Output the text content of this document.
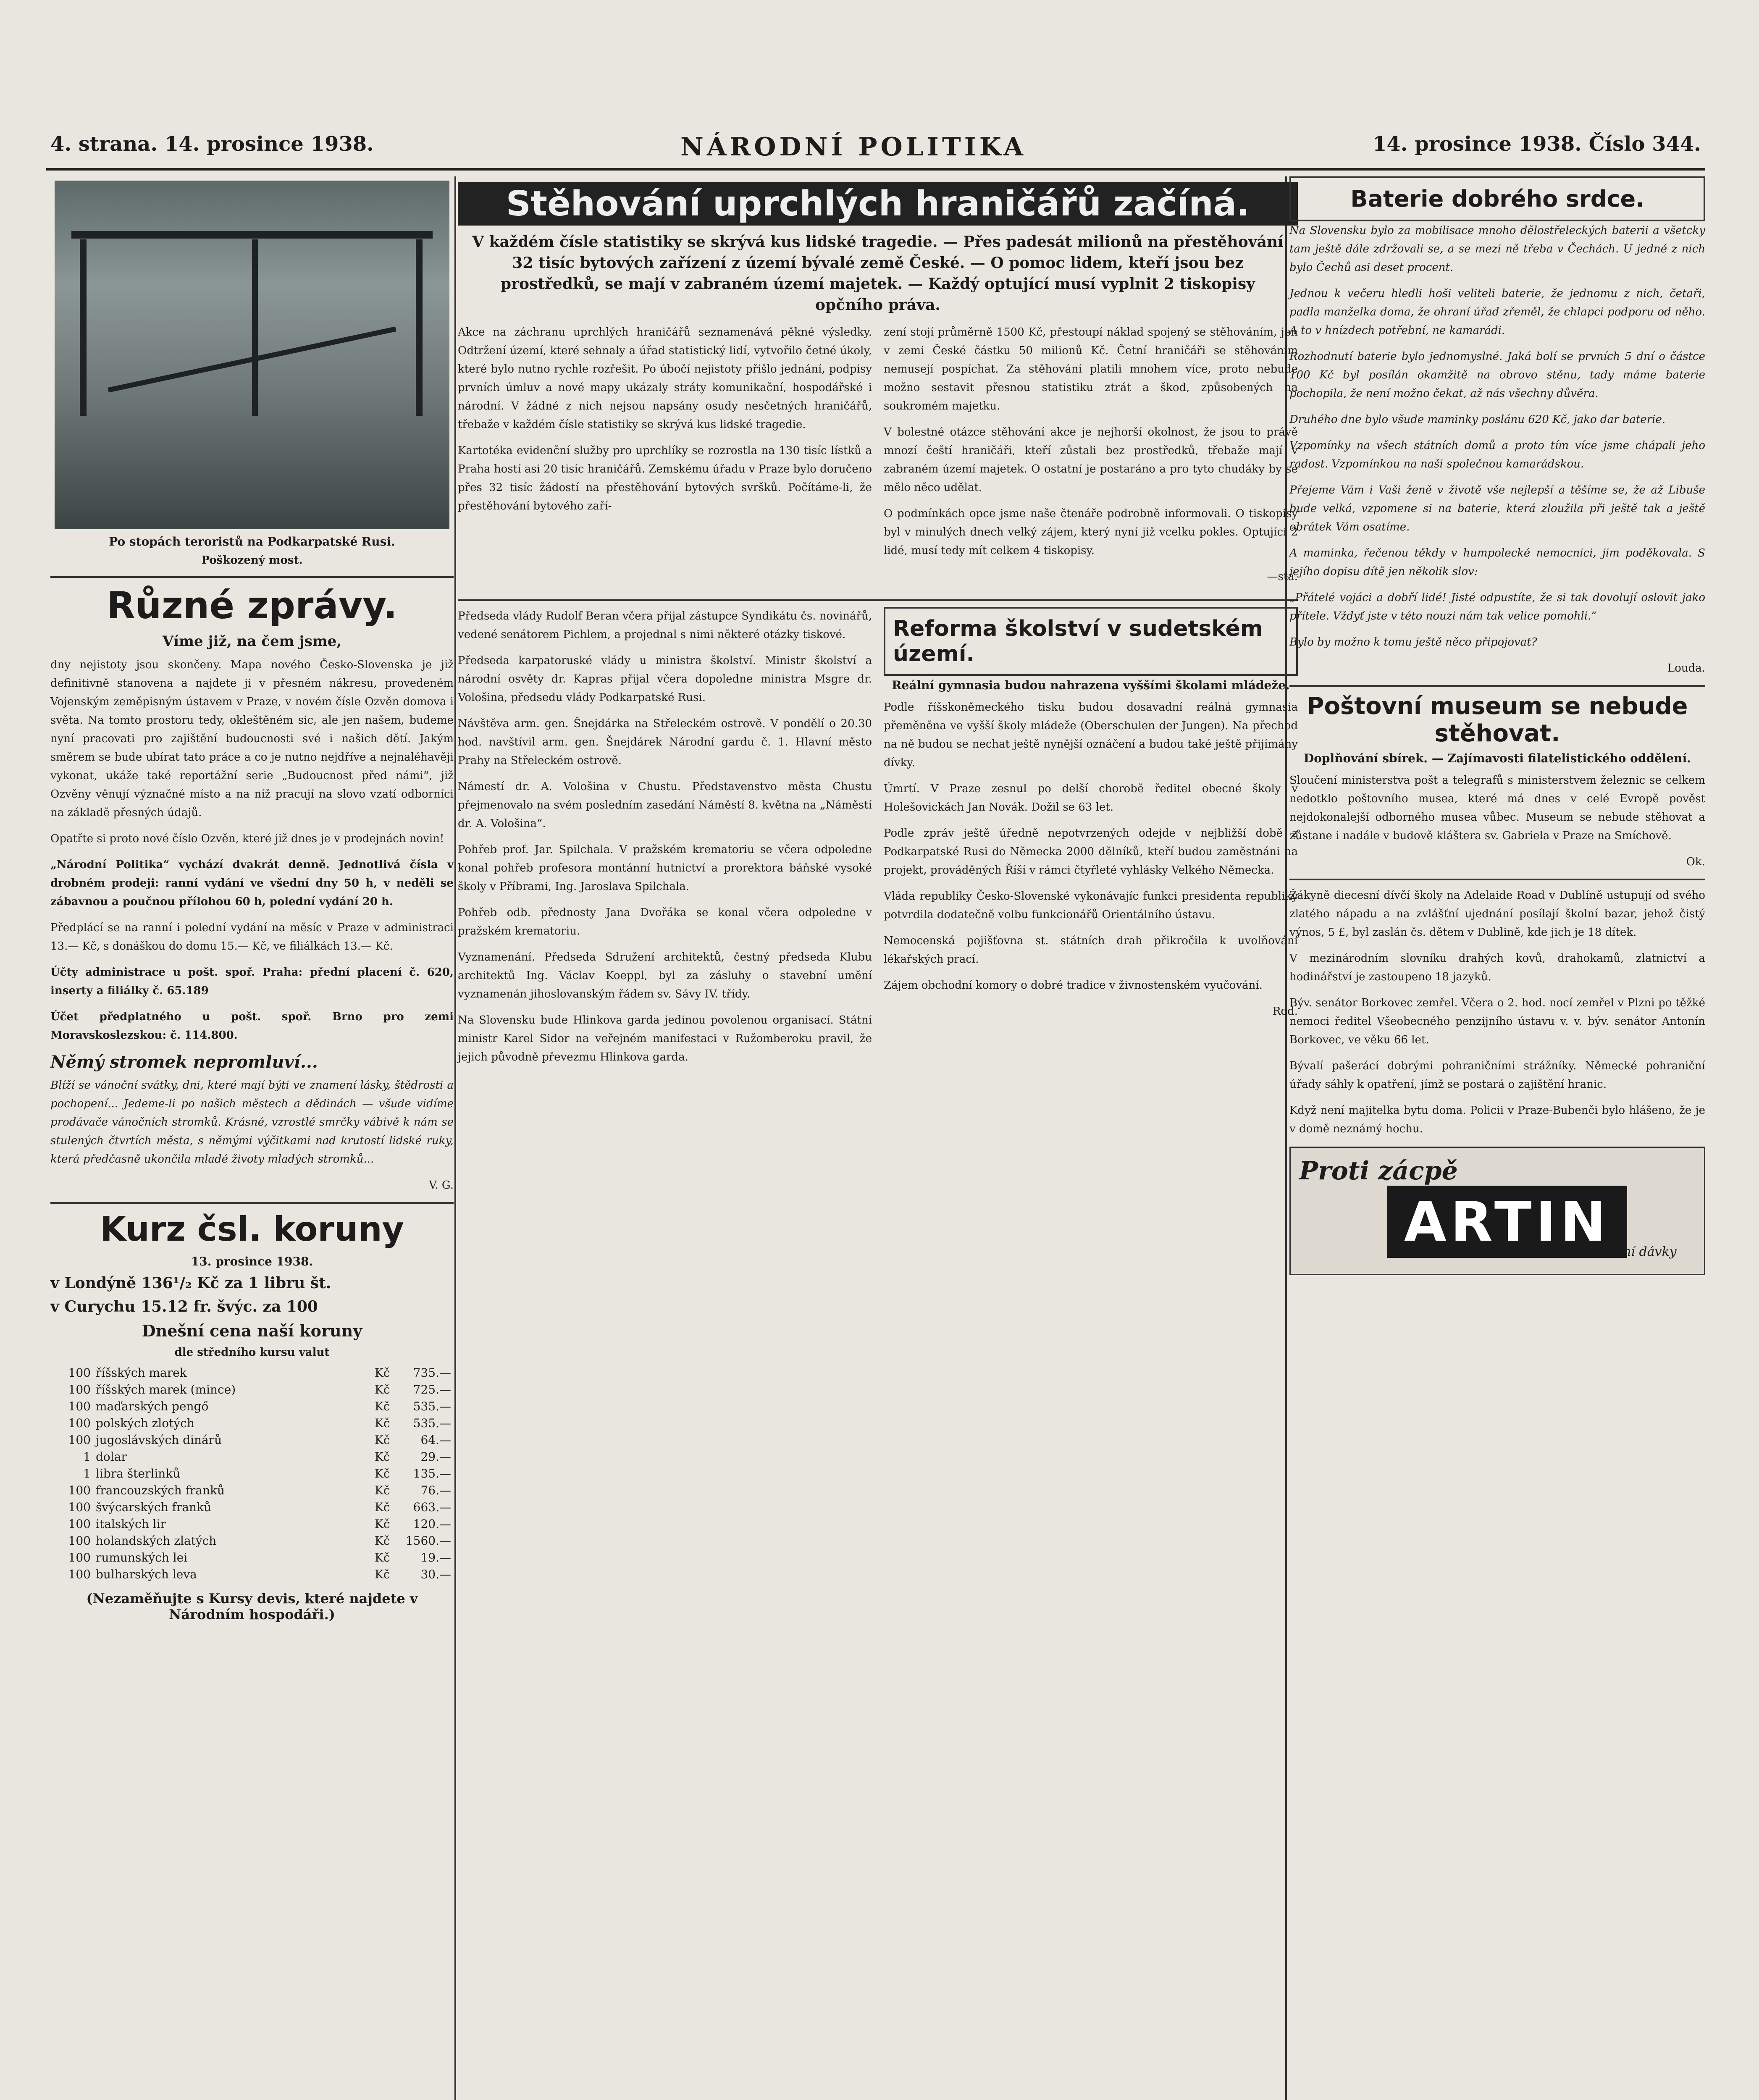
4. strana. 14. prosince 1938.	NÁRODNÍ POLITIKA	14. prosince 1938. Číslo 344.
Po stopách teroristů na Podkarpatské Rusi.
Poškozený most.
Různé zprávy.
Víme již, na čem jsme,

dny nejistoty jsou skončeny. Mapa nového Česko-Slovenska je již definitivně stanovena a najdete ji v přesném nákresu, provedeném Vojenským zeměpisným ústavem v Praze, v novém čísle Ozvěn domova i světa. Na tomto prostoru tedy, okleštěném sic, ale jen našem, budeme nyní pracovati pro zajištění budoucnosti své i našich dětí. Jakým směrem se bude ubírat tato práce a co je nutno nejdříve a nejnaléhavěji vykonat, ukáže také reportážní serie „Budoucnost před námi“, již Ozvěny věnují význačné místo a na níž pracují na slovo vzatí odborníci na základě přesných údajů.

Opatřte si proto nové číslo Ozvěn, které již dnes je v prodejnách novin!

„Národní Politika“ vychází dvakrát denně. Jednotlivá čísla v drobném prodeji: ranní vydání ve všední dny 50 h, v neděli se zábavnou a poučnou přílohou 60 h, polední vydání 20 h.

Předplácí se na ranní i polední vydání na měsíc v Praze v administraci 13.— Kč, s donáškou do domu 15.— Kč, ve filiálkách 13.— Kč.

Účty administrace u pošt. spoř. Praha: přední placení č. 620, inserty a filiálky č. 65.189

Účet předplatného u pošt. spoř. Brno pro zemi Moravskoslezskou: č. 114.800.

Němý stromek nepromluví...

Blíží se vánoční svátky, dni, které mají býti ve znamení lásky, štědrosti a pochopení... Jedeme-li po našich městech a dědinách — všude vidíme prodávače vánočních stromků. Krásné, vzrostlé smrčky vábivě k nám se stulených čtvrtích města, s němými výčitkami nad krutostí lidské ruky, která předčasně ukončila mladé životy mladých stromků...

V. G.

Kurz čsl. koruny
13. prosince 1938.
v Londýně 136¹/₂ Kč za 1 libru št.
v Curychu 15.12 fr. švýc. za 100
Dnešní cena naší koruny
dle středního kursu valut
100	říšských marek	Kč	735.—
100	říšských marek (mince)	Kč	725.—
100	maďarských pengő	Kč	535.—
100	polských zlotých	Kč	535.—
100	jugoslávských dinárů	Kč	64.—
1	dolar	Kč	29.—
1	libra šterlinků	Kč	135.—
100	francouzských franků	Kč	76.—
100	švýcarských franků	Kč	663.—
100	italských lir	Kč	120.—
100	holandských zlatých	Kč	1560.—
100	rumunských lei	Kč	19.—
100	bulharských leva	Kč	30.—
(Nezaměňujte s Kursy devis, které najdete v Národním hospodáři.)
Stěhování uprchlých hraničářů začíná.
V každém čísle statistiky se skrývá kus lidské tragedie. — Přes padesát milionů na přestěhování 32 tisíc bytových zařízení z území bývalé země České. — O pomoc lidem, kteří jsou bez prostředků, se mají v zabraném území majetek. — Každý optující musí vyplnit 2 tiskopisy opčního práva.

Akce na záchranu uprchlých hraničářů seznamenává pěkné výsledky. Odtržení území, které sehnaly a úřad statistický lidí, vytvořilo četné úkoly, které bylo nutno rychle rozřešit. Po úbočí nejistoty přišlo jednání, podpisy prvních úmluv a nové mapy ukázaly stráty komunikační, hospodářské i národní. V žádné z nich nejsou napsány osudy nesčetných hraničářů, třebaže v každém čísle statistiky se skrývá kus lidské tragedie.

Kartotéka evidenční služby pro uprchlíky se rozrostla na 130 tisíc lístků a Praha hostí asi 20 tisíc hraničářů. Zemskému úřadu v Praze bylo doručeno přes 32 tisíc žádostí na přestěhování bytových svršků. Počítáme-li, že přestěhování bytového zaří-

zení stojí průměrně 1500 Kč, přestoupí náklad spojený se stěhováním, jen v zemi České částku 50 milionů Kč. Četní hraničáři se stěhováním nemusejí pospíchat. Za stěhování platili mnohem více, proto nebude možno sestavit přesnou statistiku ztrát a škod, způsobených na soukromém majetku.

V bolestné otázce stěhování akce je nejhorší okolnost, že jsou to právě mnozí čeští hraničáři, kteří zůstali bez prostředků, třebaže mají v zabraném území majetek. O ostatní je postaráno a pro tyto chudáky by se mělo něco udělat.

O podmínkách opce jsme naše čtenáře podrobně informovali. O tiskopisy byl v minulých dnech velký zájem, který nyní již vcelku pokles. Optující 2 lidé, musí tedy mít celkem 4 tiskopisy.

—sta.

Předseda vlády Rudolf Beran včera přijal zástupce Syndikátu čs. novinářů, vedené senátorem Pichlem, a projednal s nimi některé otázky tiskové.

Předseda karpatoruské vlády u ministra školství. Ministr školství a národní osvěty dr. Kapras přijal včera dopoledne ministra Msgre dr. Vološina, předsedu vlády Podkarpatské Rusi.

Návštěva arm. gen. Šnejdárka na Střeleckém ostrově. V pondělí o 20.30 hod. navštívil arm. gen. Šnejdárek Národní gardu č. 1. Hlavní město Prahy na Střeleckém ostrově.

Námestí dr. A. Vološina v Chustu. Představenstvo města Chustu přejmenovalo na svém posledním zasedání Náměstí 8. května na „Náměstí dr. A. Vološina“.

Pohřeb prof. Jar. Spilchala. V pražském krematoriu se včera odpoledne konal pohřeb profesora montánní hutnictví a prorektora báňské vysoké školy v Příbrami, Ing. Jaroslava Spilchala.

Pohřeb odb. přednosty Jana Dvořáka se konal včera odpoledne v pražském krematoriu.

Vyznamenání. Předseda Sdružení architektů, čestný předseda Klubu architektů Ing. Václav Koeppl, byl za zásluhy o stavební umění vyznamenán jihoslovanským řádem sv. Sávy IV. třídy.

Na Slovensku bude Hlinkova garda jedinou povolenou organisací. Státní ministr Karel Sidor na veřejném manifestaci v Ružomberoku pravil, že jejich původně převezmu Hlinkova garda.

Reforma školství v sudetském území.
Reální gymnasia budou nahrazena vyššími školami mládeže.

Podle říšskoněmeckého tisku budou dosavadní reálná gymnasia přeměněna ve vyšší školy mládeže (Oberschulen der Jungen). Na přechod na ně budou se nechat ještě nynější oznáčení a budou také ještě přijímány dívky.

Úmrtí. V Praze zesnul po delší chorobě ředitel obecné školy v Holešovickách Jan Novák. Dožil se 63 let.

Podle zpráv ještě úředně nepotvrzených odejde v nejbližší době z Podkarpatské Rusi do Německa 2000 dělníků, kteří budou zaměstnáni na projekt, prováděných Říší v rámci čtyřleté vyhlásky Velkého Německa.

Vláda republiky Česko-Slovenské vykonávajíc funkci presidenta republiky potvrdila dodatečně volbu funkcionářů Orientálního ústavu.

Nemocenská pojišťovna st. státních drah přikročila k uvolňování lékařských prací.

Zájem obchodní komory o dobré tradice v živnostenském vyučování.

Rod.

Baterie dobrého srdce.

Na Slovensku bylo za mobilisace mnoho dělostřeleckých baterii a všetcky tam ještě dále zdržovali se, a se mezi ně třeba v Čechách. U jedné z nich bylo Čechů asi deset procent.

Jednou k večeru hledli hoši veliteli baterie, že jednomu z nich, četaři, padla manželka doma, že ohraní úřad zřeměl, že chlapci podporu od něho. A to v hnízdech potřební, ne kamarádi.

Rozhodnutí baterie bylo jednomyslné. Jaká bolí se prvních 5 dní o částce 100 Kč byl posílán okamžitě na obrovo stěnu, tady máme baterie pochopila, že není možno čekat, až nás všechny důvěra.

Druhého dne bylo všude maminky poslánu 620 Kč, jako dar baterie.

Vzpomínky na všech státních domů a proto tím více jsme chápali jeho radost. Vzpomínkou na naši společnou kamarádskou.

Přejeme Vám i Vaši ženě v životě vše nejlepší a těšíme se, že až Libuše bude velká, vzpomene si na baterie, která zloužila při ještě tak a ještě obrátek Vám osatíme.

A maminka, řečenou těkdy v humpolecké nemocnici, jim poděkovala. S jejího dopisu dítě jen několik slov:

„Přátelé vojáci a dobří lidé! Jisté odpustíte, že si tak dovolují oslovit jako přítele. Vždyť jste v této nouzi nám tak velice pomohli.“

Bylo by možno k tomu ještě něco připojovat?

Louda.

Poštovní museum se nebude stěhovat.
Doplňování sbírek. — Zajímavosti filatelistického oddělení.

Sloučení ministerstva pošt a telegrafů s ministerstvem železnic se celkem nedotklo poštovního musea, které má dnes v celé Evropě pověst nejdokonalejší odborného musea vůbec. Museum se nebude stěhovat a zůstane i nadále v budově kláštera sv. Gabriela v Praze na Smíchově.

Ok.

Žákyně diecesní dívčí školy na Adelaide Road v Dublíně ustupují od svého zlatého nápadu a na zvlášťní ujednání posílají školní bazar, jehož čistý výnos, 5 £, byl zaslán čs. dětem v Dublině, kde jich je 18 dítek.

V mezinárodním slovníku drahých kovů, drahokamů, zlatnictví a hodinářství je zastoupeno 18 jazyků.

Býv. senátor Borkovec zemřel. Včera o 2. hod. nocí zemřel v Plzni po těžké nemoci ředitel Všeobecného penzijního ústavu v. v. býv. senátor Antonín Borkovec, ve věku 66 let.

Bývalí pašerácí dobrými pohraničními strážníky. Německé pohraniční úřady sáhly k opatření, jímž se postará o zajištění hranic.

Když není majitelka bytu doma. Policii v Praze-Bubenči bylo hlášeno, že je v domě neznámý hochu.

Proti zácpě
ARTIN
dvě normální dávky
